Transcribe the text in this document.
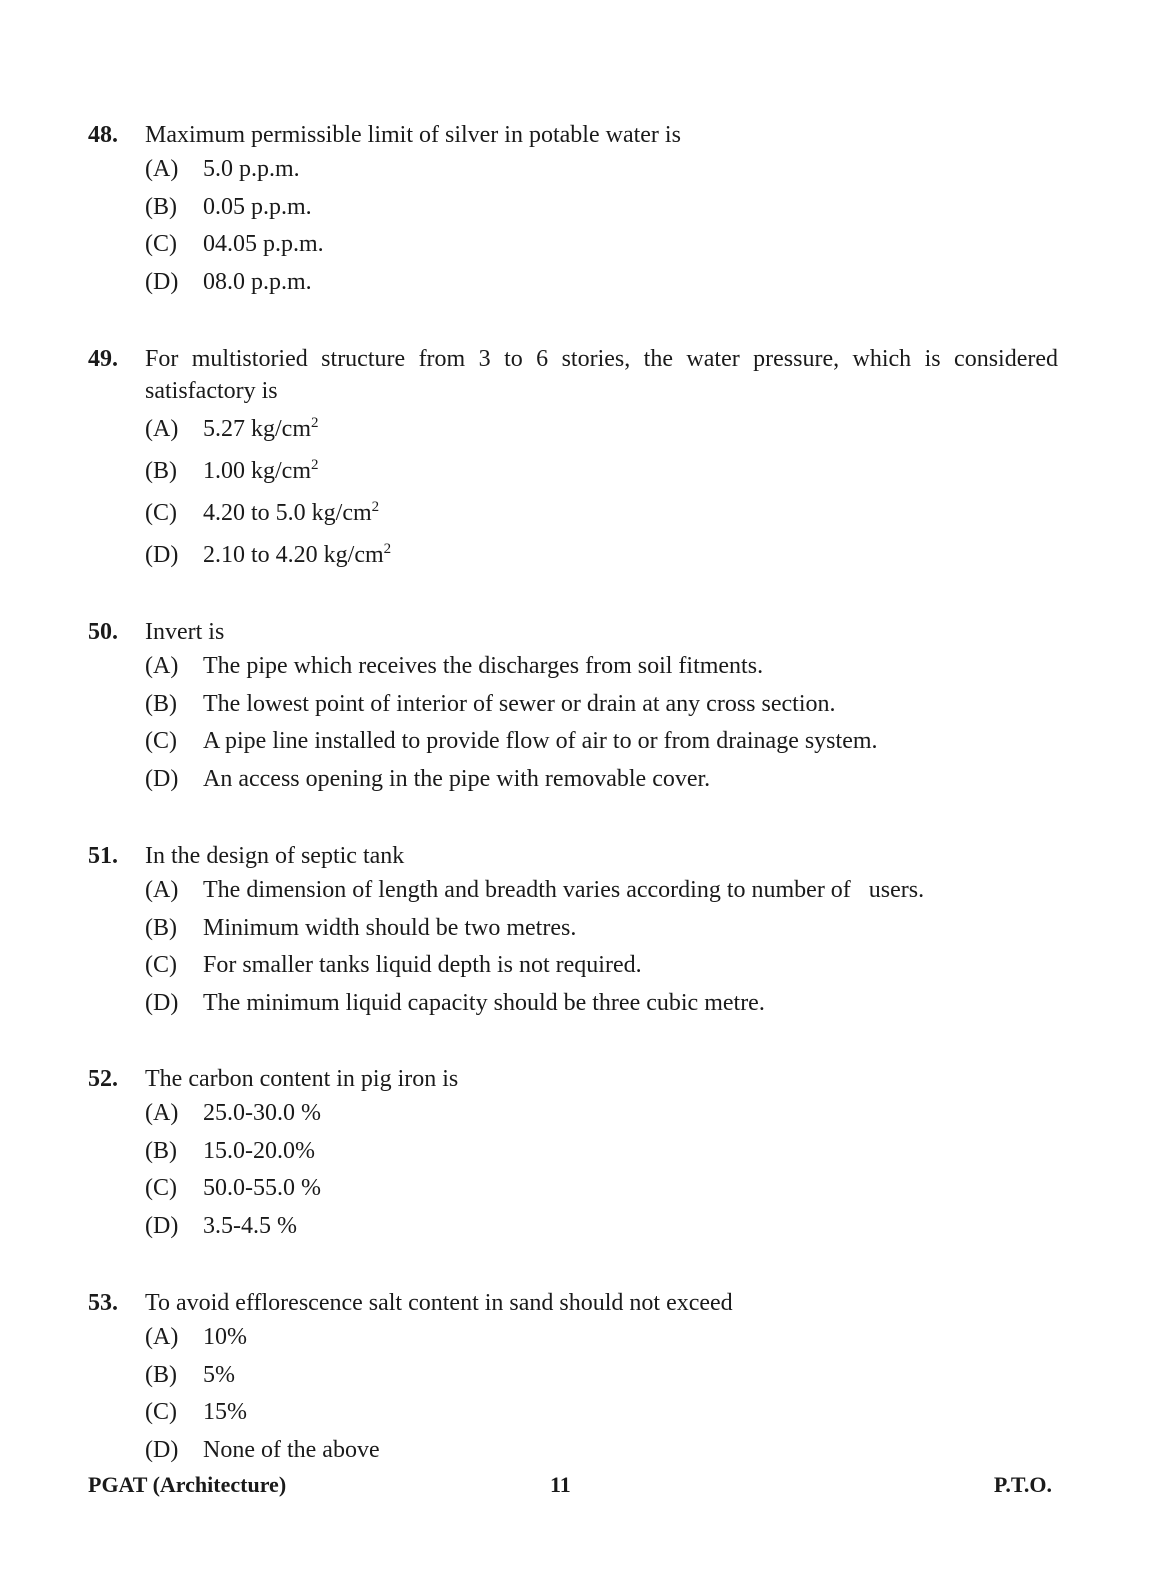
48.	Maximum permissible limit of silver in potable water is
(A)	5.0 p.p.m.
(B)	0.05 p.p.m.
(C)	04.05 p.p.m.
(D)	08.0 p.p.m.
49.	For multistoried structure from 3 to 6 stories, the water pressure, which is considered satisfactory is
(A)	5.27 $kg/cm^2$
(B)	1.00 $kg/cm^2$
(C)	4.20 to 5.0 $kg/cm^2$
(D)	2.10 to 4.20 $kg/cm^2$
50.	Invert is
(A)	The pipe which receives the discharges from soil fitments.
(B)	The lowest point of interior of sewer or drain at any cross section.
(C)	A pipe line installed to provide flow of air to or from drainage system.
(D)	An access opening in the pipe with removable cover.
51.	In the design of septic tank
(A)	The dimension of length and breadth varies according to number of   users.
(B)	Minimum width should be two metres.
(C)	For smaller tanks liquid depth is not required.
(D)	The minimum liquid capacity should be three cubic metre.
52.	The carbon content in pig iron is
(A)	25.0-30.0 %
(B)	15.0-20.0%
(C)	50.0-55.0 %
(D)	3.5-4.5 %
53.	To avoid efflorescence salt content in sand should not exceed
(A)	10%
(B)	5%
(C)	15%
(D)	None of the above
PGAT (Architecture)	11	P.T.O.
